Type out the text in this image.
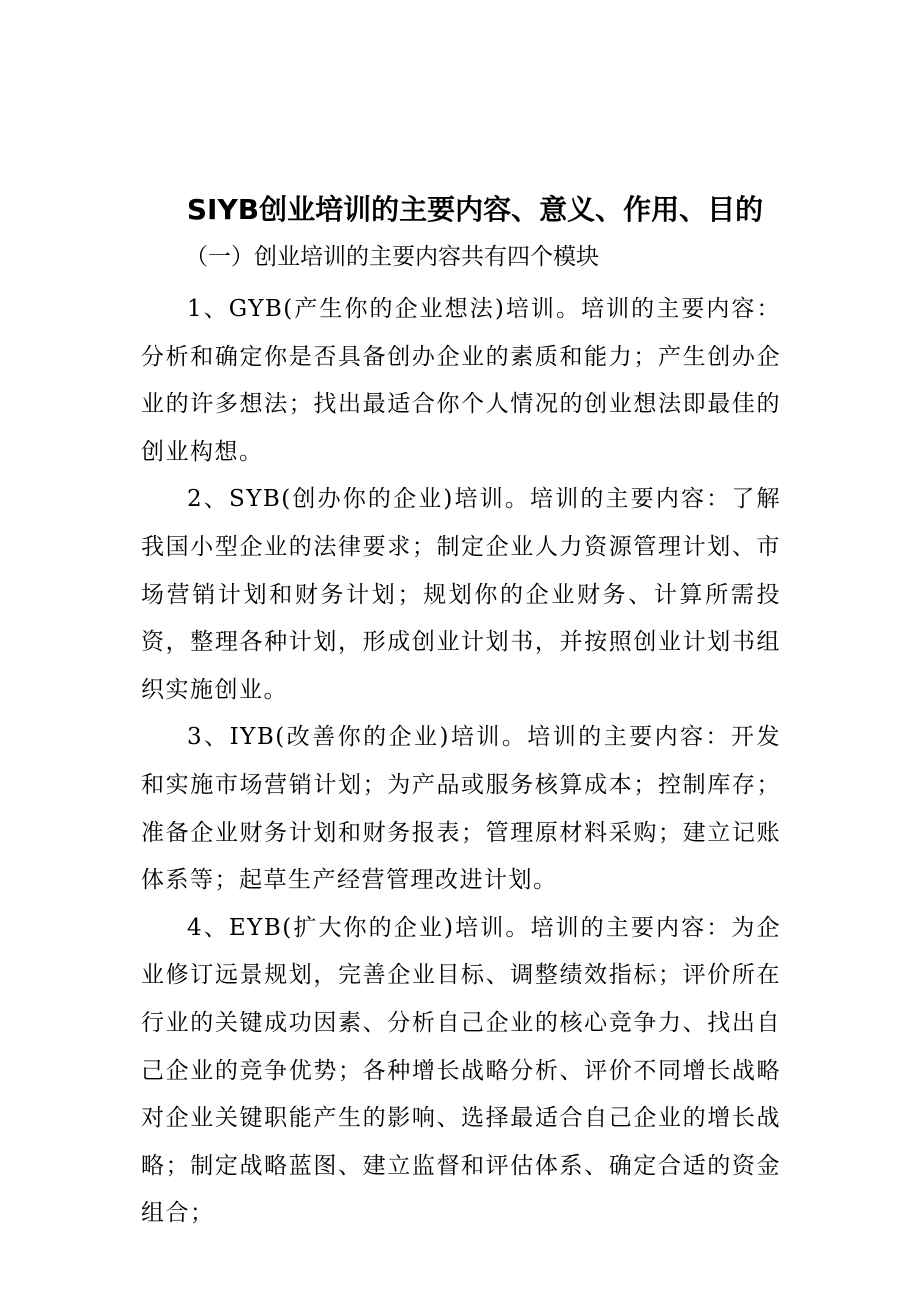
SIYB创业培训的主要内容、意义、作用、目的

（一）创业培训的主要内容共有四个模块

1、GYB(产生你的企业想法)培训。培训的主要内容：分析和确定你是否具备创办企业的素质和能力；产生创办企业的许多想法；找出最适合你个人情况的创业想法即最佳的创业构想。

2、SYB(创办你的企业)培训。培训的主要内容：了解我国小型企业的法律要求；制定企业人力资源管理计划、市场营销计划和财务计划；规划你的企业财务、计算所需投资，整理各种计划，形成创业计划书，并按照创业计划书组织实施创业。

3、IYB(改善你的企业)培训。培训的主要内容：开发和实施市场营销计划；为产品或服务核算成本；控制库存；准备企业财务计划和财务报表；管理原材料采购；建立记账体系等；起草生产经营管理改进计划。

4、EYB(扩大你的企业)培训。培训的主要内容：为企业修订远景规划，完善企业目标、调整绩效指标；评价所在行业的关键成功因素、分析自己企业的核心竞争力、找出自己企业的竞争优势；各种增长战略分析、评价不同增长战略对企业关键职能产生的影响、选择最适合自己企业的增长战略；制定战略蓝图、建立监督和评估体系、确定合适的资金组合；
